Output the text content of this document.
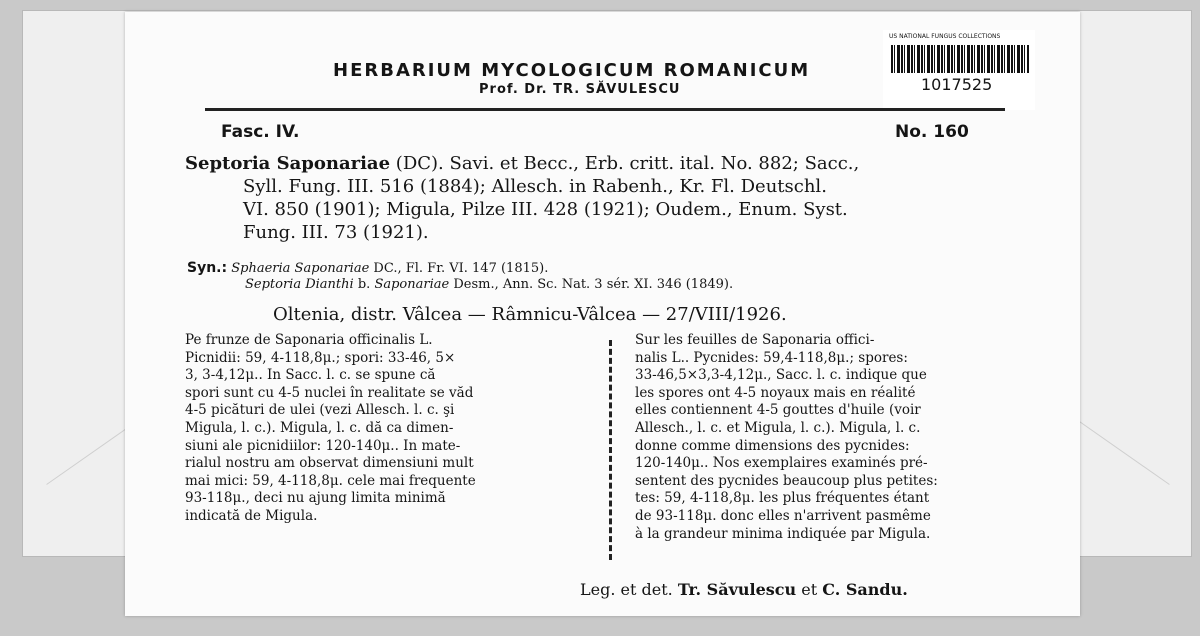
HERBARIUM MYCOLOGICUM ROMANICUM
Prof. Dr. TR. SĂVULESCU
US NATIONAL FUNGUS COLLECTIONS
1017525
Fasc. IV.	No. 160
Septoria Saponariae (DC). Savi. et Becc., Erb. critt. ital. No. 882; Sacc.,
Syll. Fung. III. 516 (1884); Allesch. in Rabenh., Kr. Fl. Deutschl.
VI. 850 (1901); Migula, Pilze III. 428 (1921); Oudem., Enum. Syst.
Fung. III. 73 (1921).
Syn.: Sphaeria Saponariae DC., Fl. Fr. VI. 147 (1815).
Septoria Dianthi b. Saponariae Desm., Ann. Sc. Nat. 3 sér. XI. 346 (1849).
Oltenia, distr. Vâlcea — Râmnicu-Vâlcea — 27/VIII/1926.
Pe frunze de Saponaria officinalis L.
Picnidii: 59, 4-118,8μ.; spori: 33-46, 5×
3, 3-4,12μ.. In Sacc. l. c. se spune că
spori sunt cu 4-5 nuclei în realitate se văd
4-5 picături de ulei (vezi Allesch. l. c. şi
Migula, l. c.). Migula, l. c. dă ca dimen-
siuni ale picnidiilor: 120-140μ.. In mate-
rialul nostru am observat dimensiuni mult
mai mici: 59, 4-118,8μ. cele mai frequente
93-118μ., deci nu ajung limita minimă
indicată de Migula.
Sur les feuilles de Saponaria offici-
nalis L.. Pycnides: 59,4-118,8μ.; spores:
33-46,5×3,3-4,12μ., Sacc. l. c. indique que
les spores ont 4-5 noyaux mais en réalité
elles contiennent 4-5 gouttes d'huile (voir
Allesch., l. c. et Migula, l. c.). Migula, l. c.
donne comme dimensions des pycnides:
120-140μ.. Nos exemplaires examinés pré-
sentent des pycnides beaucoup plus petites:
tes: 59, 4-118,8μ. les plus fréquentes étant
de 93-118μ. donc elles n'arrivent pasmême
à la grandeur minima indiquée par Migula.
Leg. et det. Tr. Săvulescu et C. Sandu.
